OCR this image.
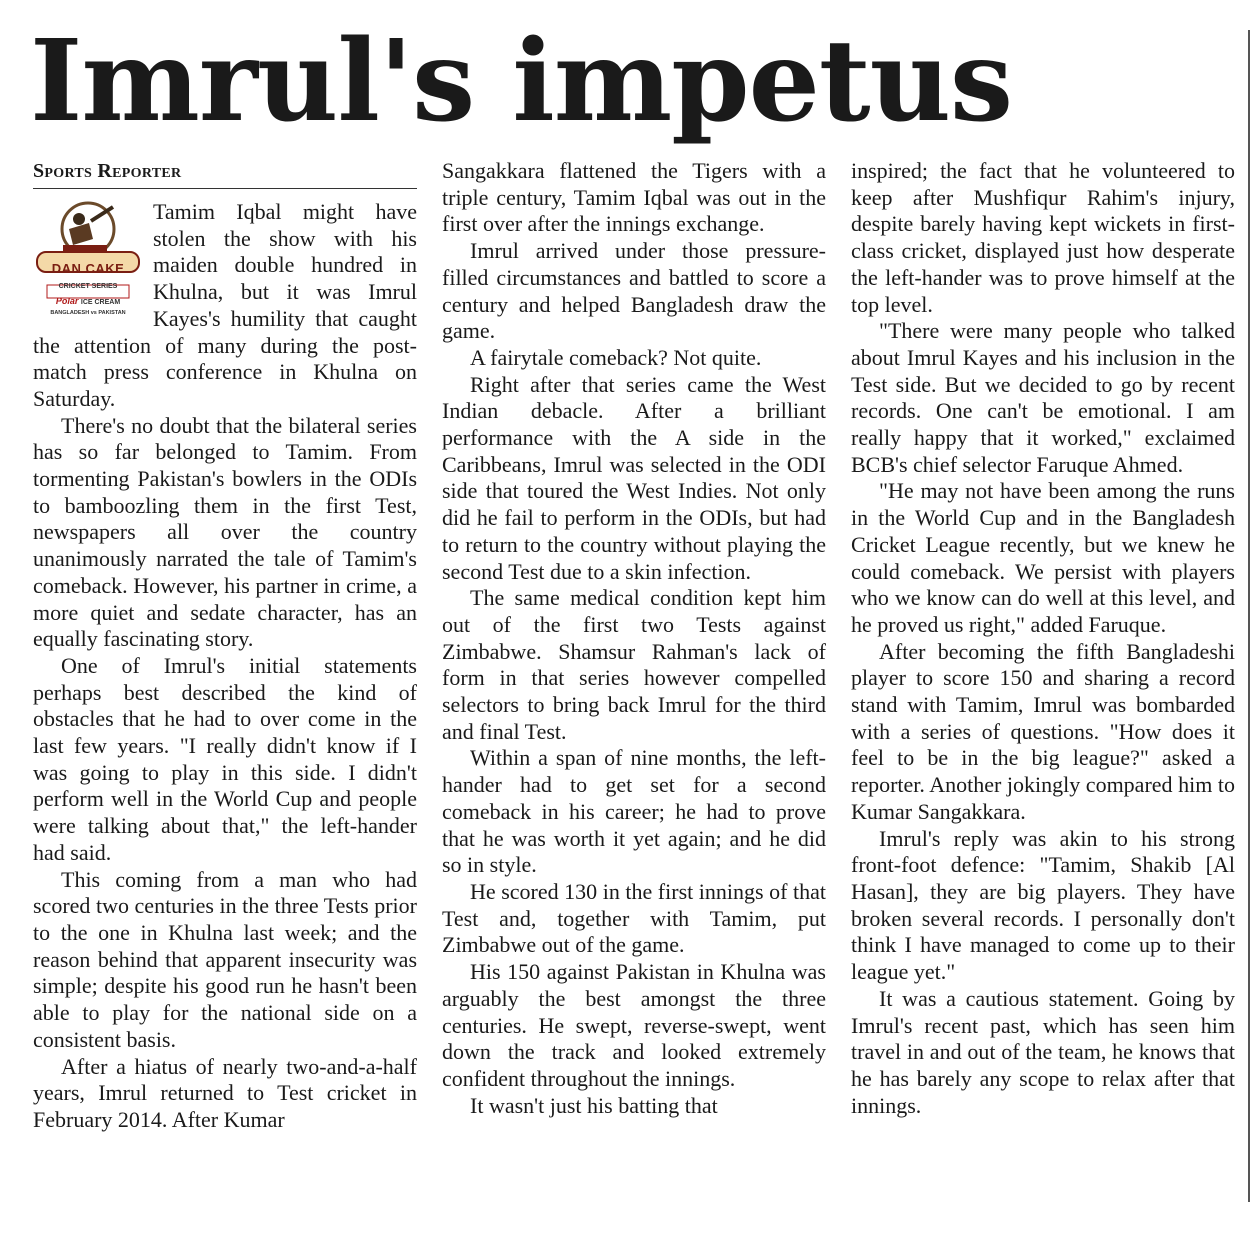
Imrul's impetus
Sports Reporter
DAN CAKE
CRICKET SERIES
Polar ICE CREAM
BANGLADESH vs PAKISTAN

Tamim Iqbal might have stolen the show with his maiden double hundred in Khulna, but it was Imrul Kayes's humility that caught the attention of many during the post-match press conference in Khulna on Saturday.

There's no doubt that the bilateral series has so far belonged to Tamim. From tormenting Pakistan's bowlers in the ODIs to bamboozling them in the first Test, newspapers all over the country unanimously narrated the tale of Tamim's comeback. However, his partner in crime, a more quiet and sedate character, has an equally fascinating story.

One of Imrul's initial statements perhaps best described the kind of obstacles that he had to over come in the last few years. "I really didn't know if I was going to play in this side. I didn't perform well in the World Cup and people were talking about that," the left-hander had said.

This coming from a man who had scored two centuries in the three Tests prior to the one in Khulna last week; and the reason behind that apparent insecurity was simple; despite his good run he hasn't been able to play for the national side on a consistent basis.

After a hiatus of nearly two-and-a-half years, Imrul returned to Test cricket in February 2014. After Kumar

Sangakkara flattened the Tigers with a triple century, Tamim Iqbal was out in the first over after the innings exchange.

Imrul arrived under those pressure-filled circumstances and battled to score a century and helped Bangladesh draw the game.

A fairytale comeback? Not quite.

Right after that series came the West Indian debacle. After a brilliant performance with the A side in the Caribbeans, Imrul was selected in the ODI side that toured the West Indies. Not only did he fail to perform in the ODIs, but had to return to the country without playing the second Test due to a skin infection.

The same medical condition kept him out of the first two Tests against Zimbabwe. Shamsur Rahman's lack of form in that series however compelled selectors to bring back Imrul for the third and final Test.

Within a span of nine months, the left-hander had to get set for a second comeback in his career; he had to prove that he was worth it yet again; and he did so in style.

He scored 130 in the first innings of that Test and, together with Tamim, put Zimbabwe out of the game.

His 150 against Pakistan in Khulna was arguably the best amongst the three centuries. He swept, reverse-swept, went down the track and looked extremely confident throughout the innings.

It wasn't just his batting that

inspired; the fact that he volunteered to keep after Mushfiqur Rahim's injury, despite barely having kept wickets in first-class cricket, displayed just how desperate the left-hander was to prove himself at the top level.

"There were many people who talked about Imrul Kayes and his inclusion in the Test side. But we decided to go by recent records. One can't be emotional. I am really happy that it worked," exclaimed BCB's chief selector Faruque Ahmed.

"He may not have been among the runs in the World Cup and in the Bangladesh Cricket League recently, but we knew he could comeback. We persist with players who we know can do well at this level, and he proved us right," added Faruque.

After becoming the fifth Bangladeshi player to score 150 and sharing a record stand with Tamim, Imrul was bombarded with a series of questions. "How does it feel to be in the big league?" asked a reporter. Another jokingly compared him to Kumar Sangakkara.

Imrul's reply was akin to his strong front-foot defence: "Tamim, Shakib [Al Hasan], they are big players. They have broken several records. I personally don't think I have managed to come up to their league yet."

It was a cautious statement. Going by Imrul's recent past, which has seen him travel in and out of the team, he knows that he has barely any scope to relax after that innings.
